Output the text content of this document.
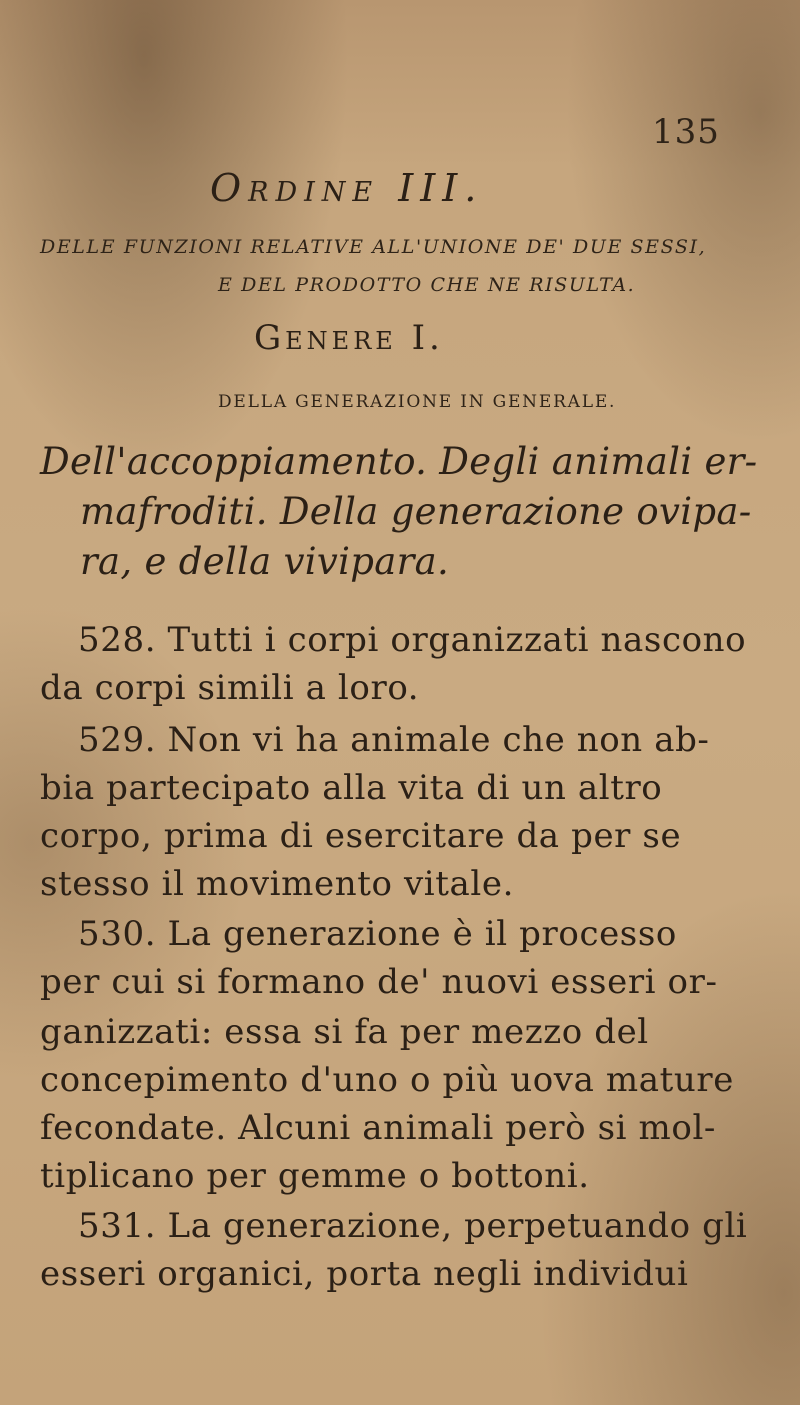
135
Ordine III.
DELLE FUNZIONI RELATIVE ALL'UNIONE DE' DUE SESSI,
E DEL PRODOTTO CHE NE RISULTA.
Genere I.
DELLA GENERAZIONE IN GENERALE.
Dell'accoppiamento. Degli animali er-
mafroditi. Della generazione ovipa-
ra, e della vivipara.
528. Tutti i corpi organizzati nascono
da corpi simili a loro.
529. Non vi ha animale che non ab-
bia partecipato alla vita di un altro
corpo, prima di esercitare da per se
stesso il movimento vitale.
530. La generazione è il processo
per cui si formano de' nuovi esseri or-
ganizzati: essa si fa per mezzo del
concepimento d'uno o più uova mature
fecondate. Alcuni animali però si mol-
tiplicano per gemme o bottoni.
531. La generazione, perpetuando gli
esseri organici, porta negli individui
